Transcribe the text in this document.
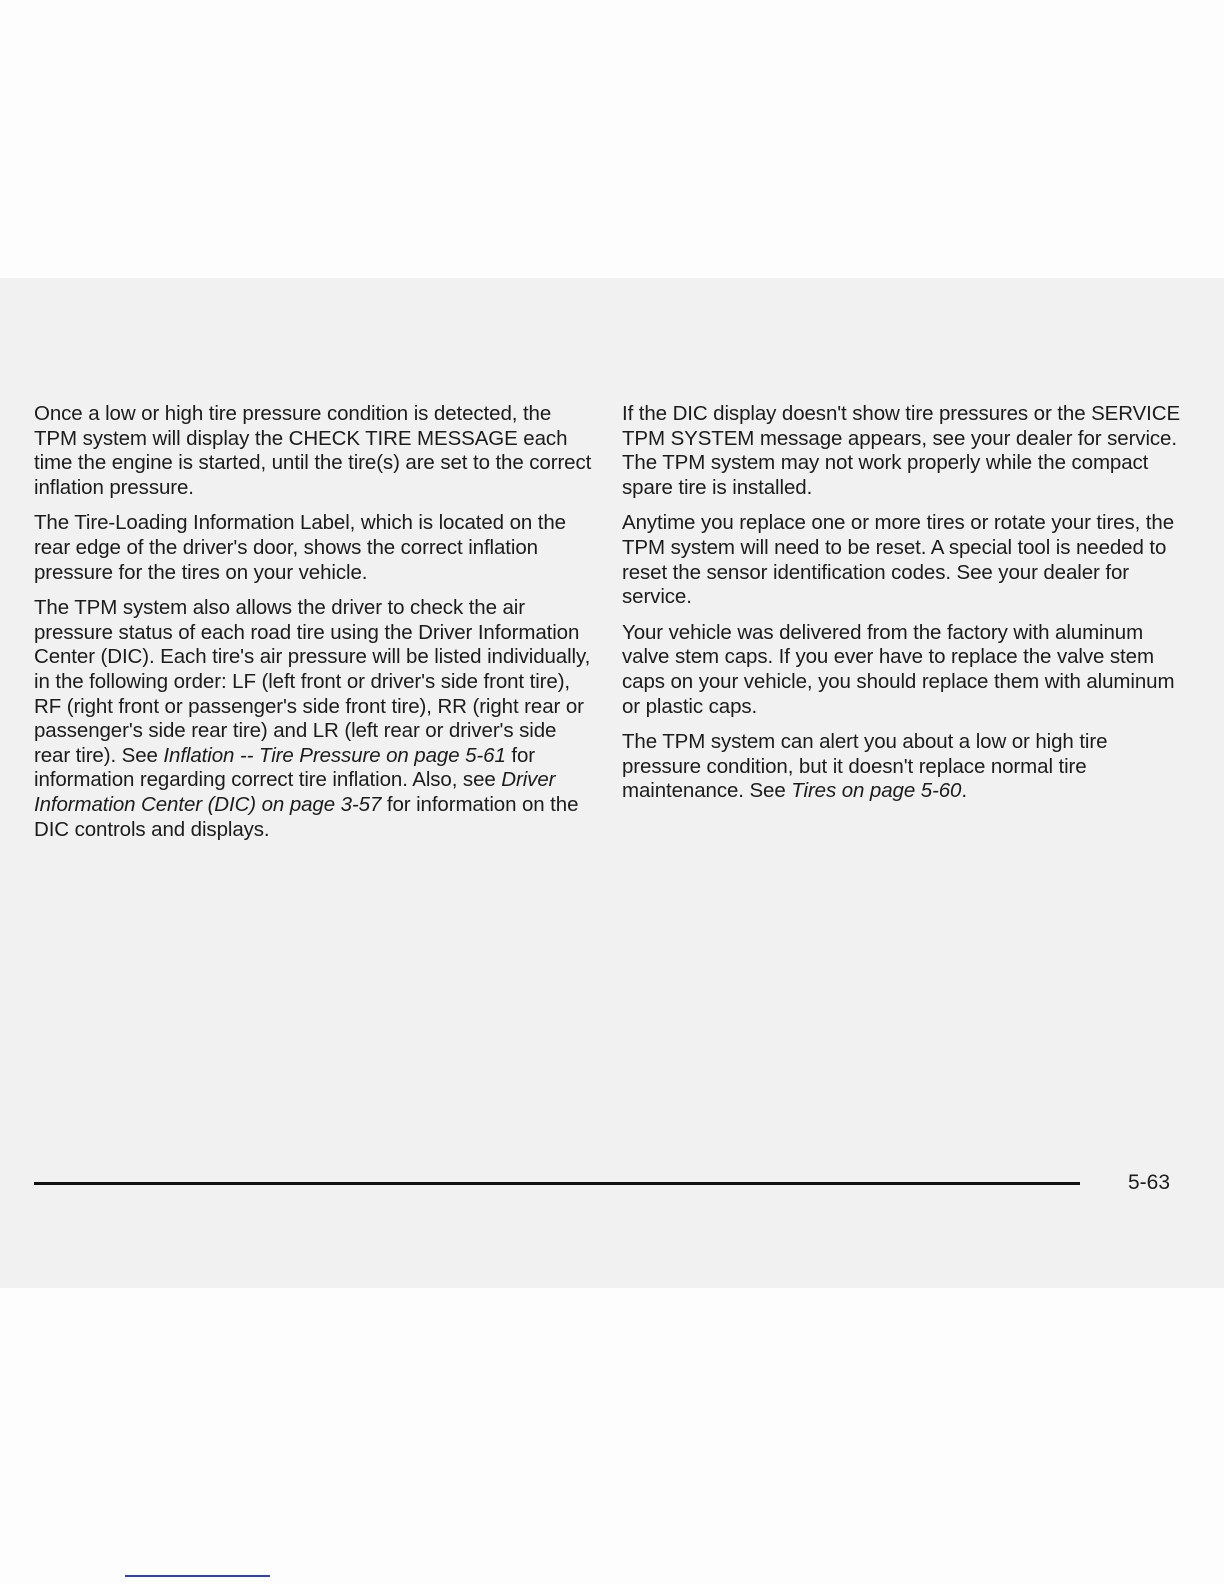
Once a low or high tire pressure condition is detected, the TPM system will display the CHECK TIRE MESSAGE each time the engine is started, until the tire(s) are set to the correct inflation pressure.

The Tire-Loading Information Label, which is located on the rear edge of the driver's door, shows the correct inflation pressure for the tires on your vehicle.

The TPM system also allows the driver to check the air pressure status of each road tire using the Driver Information Center (DIC). Each tire's air pressure will be listed individually, in the following order: LF (left front or driver's side front tire), RF (right front or passenger's side front tire), RR (right rear or passenger's side rear tire) and LR (left rear or driver's side rear tire). See Inflation -- Tire Pressure on page 5-61 for information regarding correct tire inflation. Also, see Driver Information Center (DIC) on page 3-57 for information on the DIC controls and displays.

If the DIC display doesn't show tire pressures or the SERVICE TPM SYSTEM message appears, see your dealer for service. The TPM system may not work properly while the compact spare tire is installed.

Anytime you replace one or more tires or rotate your tires, the TPM system will need to be reset. A special tool is needed to reset the sensor identification codes. See your dealer for service.

Your vehicle was delivered from the factory with aluminum valve stem caps. If you ever have to replace the valve stem caps on your vehicle, you should replace them with aluminum or plastic caps.

The TPM system can alert you about a low or high tire pressure condition, but it doesn't replace normal tire maintenance. See Tires on page 5-60.

5-63
